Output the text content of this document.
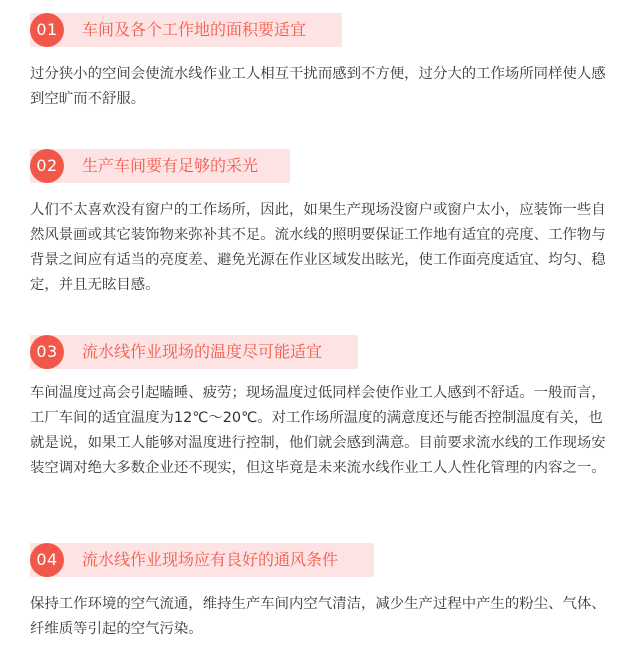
01	车间及各个工作地的面积要适宜

过分狭小的空间会使流水线作业工人相互干扰而感到不方便，过分大的工作场所同样使人感到空旷而不舒服。

02	生产车间要有足够的采光

人们不太喜欢没有窗户的工作场所，因此，如果生产现场没窗户或窗户太小，应装饰一些自然风景画或其它装饰物来弥补其不足。流水线的照明要保证工作地有适宜的亮度、工作物与背景之间应有适当的亮度差、避免光源在作业区域发出眩光，使工作面亮度适宜、均匀、稳定，并且无眩目感。

03	流水线作业现场的温度尽可能适宜

车间温度过高会引起瞌睡、疲劳；现场温度过低同样会使作业工人感到不舒适。一般而言，工厂车间的适宜温度为12℃～20℃。对工作场所温度的满意度还与能否控制温度有关，也就是说，如果工人能够对温度进行控制，他们就会感到满意。目前要求流水线的工作现场安装空调对绝大多数企业还不现实，但这毕竟是未来流水线作业工人人性化管理的内容之一。

04	流水线作业现场应有良好的通风条件

保持工作环境的空气流通，维持生产车间内空气清洁，减少生产过程中产生的粉尘、气体、纤维质等引起的空气污染。
